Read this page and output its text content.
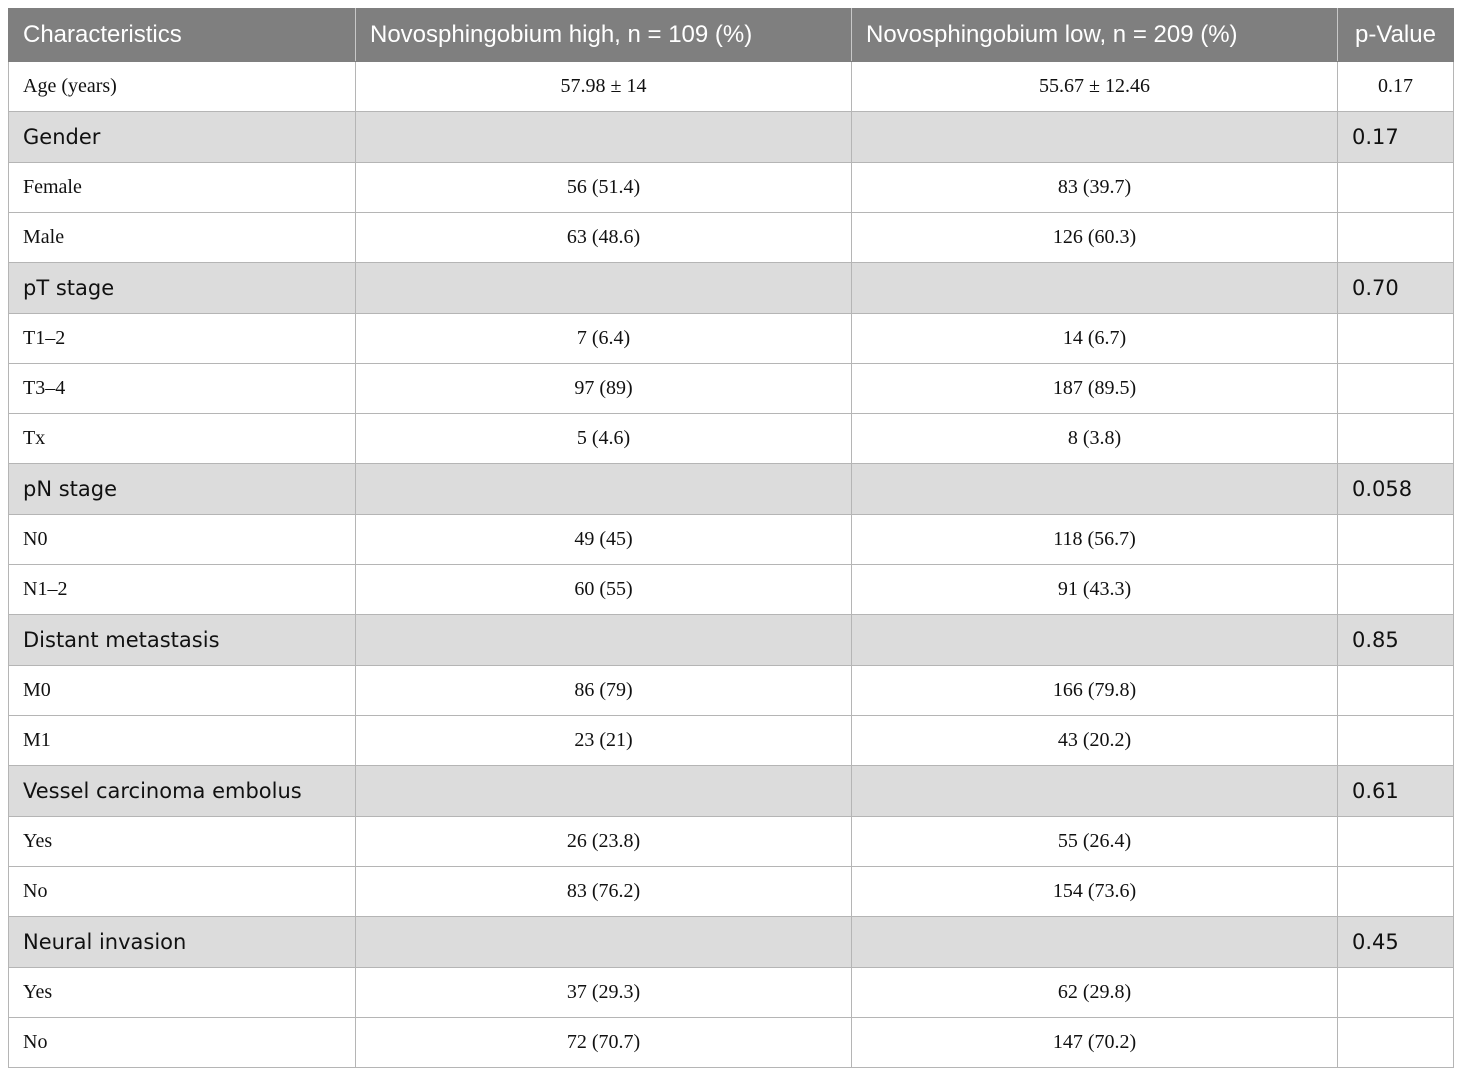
Characteristics	Novosphingobium high, n = 109 (%)	Novosphingobium low, n = 209 (%)	p-Value
Age (years)	57.98 ± 14	55.67 ± 12.46	0.17
Gender			0.17
Female	56 (51.4)	83 (39.7)	
Male	63 (48.6)	126 (60.3)	
pT stage			0.70
T1–2	7 (6.4)	14 (6.7)	
T3–4	97 (89)	187 (89.5)	
Tx	5 (4.6)	8 (3.8)	
pN stage			0.058
N0	49 (45)	118 (56.7)	
N1–2	60 (55)	91 (43.3)	
Distant metastasis			0.85
M0	86 (79)	166 (79.8)	
M1	23 (21)	43 (20.2)	
Vessel carcinoma embolus			0.61
Yes	26 (23.8)	55 (26.4)	
No	83 (76.2)	154 (73.6)	
Neural invasion			0.45
Yes	37 (29.3)	62 (29.8)	
No	72 (70.7)	147 (70.2)	
